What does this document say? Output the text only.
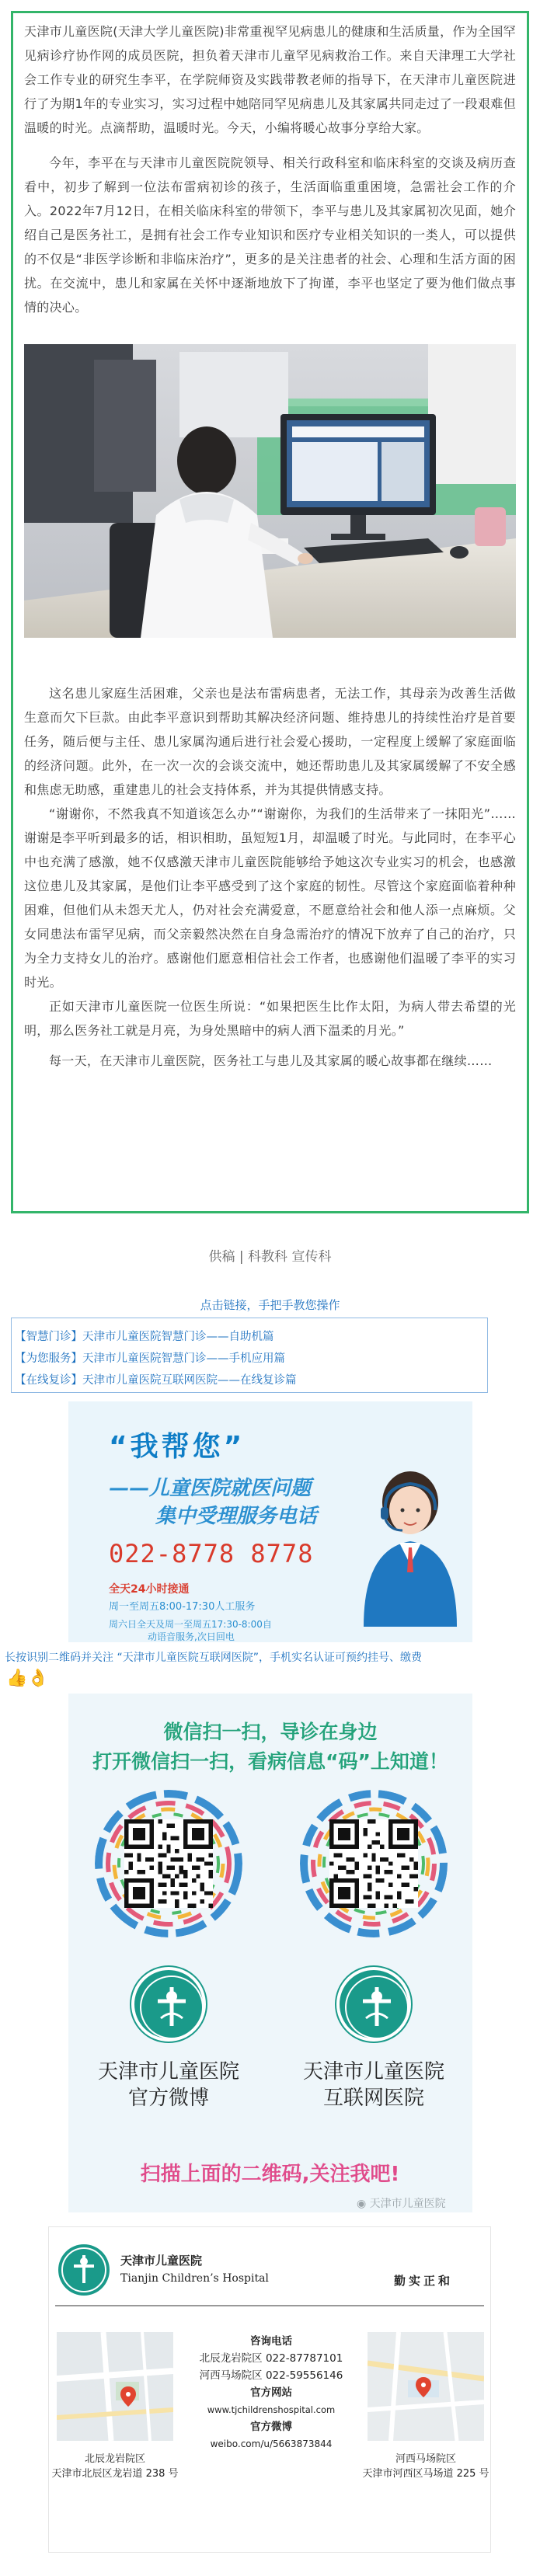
天津市儿童医院(天津大学儿童医院)非常重视罕见病患儿的健康和生活质量，作为全国罕见病诊疗协作网的成员医院，担负着天津市儿童罕见病救治工作。来自天津理工大学社会工作专业的研究生李平，在学院师资及实践带教老师的指导下，在天津市儿童医院进行了为期1年的专业实习，实习过程中她陪同罕见病患儿及其家属共同走过了一段艰难但温暖的时光。点滴帮助，温暖时光。今天，小编将暖心故事分享给大家。

今年，李平在与天津市儿童医院院领导、相关行政科室和临床科室的交谈及病历查看中，初步了解到一位法布雷病初诊的孩子，生活面临重重困境，急需社会工作的介入。2022年7月12日，在相关临床科室的带领下，李平与患儿及其家属初次见面，她介绍自己是医务社工，是拥有社会工作专业知识和医疗专业相关知识的一类人，可以提供的不仅是“非医学诊断和非临床治疗”，更多的是关注患者的社会、心理和生活方面的困扰。在交流中，患儿和家属在关怀中逐渐地放下了拘谨，李平也坚定了要为他们做点事情的决心。

这名患儿家庭生活困难，父亲也是法布雷病患者，无法工作，其母亲为改善生活做生意而欠下巨款。由此李平意识到帮助其解决经济问题、维持患儿的持续性治疗是首要任务，随后便与主任、患儿家属沟通后进行社会爱心援助，一定程度上缓解了家庭面临的经济问题。此外，在一次一次的会谈交流中，她还帮助患儿及其家属缓解了不安全感和焦虑无助感，重建患儿的社会支持体系，并为其提供情感支持。

“谢谢你，不然我真不知道该怎么办”“谢谢你，为我们的生活带来了一抹阳光”……谢谢是李平听到最多的话，相识相助，虽短短1月，却温暖了时光。与此同时，在李平心中也充满了感激，她不仅感激天津市儿童医院能够给予她这次专业实习的机会，也感激这位患儿及其家属，是他们让李平感受到了这个家庭的韧性。尽管这个家庭面临着种种困难，但他们从未怨天尤人，仍对社会充满爱意，不愿意给社会和他人添一点麻烦。父女同患法布雷罕见病，而父亲毅然决然在自身急需治疗的情况下放弃了自己的治疗，只为全力支持女儿的治疗。感谢他们愿意相信社会工作者，也感谢他们温暖了李平的实习时光。

正如天津市儿童医院一位医生所说：“如果把医生比作太阳，为病人带去希望的光明，那么医务社工就是月亮，为身处黑暗中的病人洒下温柔的月光。”

每一天，在天津市儿童医院，医务社工与患儿及其家属的暖心故事都在继续……

供稿 | 科教科 宣传科
点击链接，手把手教您操作
【智慧门诊】天津市儿童医院智慧门诊——自助机篇
【为您服务】天津市儿童医院智慧门诊——手机应用篇
【在线复诊】天津市儿童医院互联网医院——在线复诊篇
“我帮您”
——儿童医院就医问题
集中受理服务电话
022-8778 8778
全天24小时接通
周一至周五8:00-17:30人工服务
周六日全天及周一至周五17:30-8:00自
动语音服务,次日回电
长按识别二维码并关注 “天津市儿童医院互联网医院”，手机实名认证可预约挂号、缴费
👍👌
微信扫一扫，导诊在身边
打开微信扫一扫，看病信息“码”上知道！
天津市儿童医院
官方微博
天津市儿童医院
互联网医院
扫描上面的二维码,关注我吧!
◉ 天津市儿童医院
天津市儿童医院
Tianjin Children’s Hospital	勤实正和
北辰龙岩院区
天津市北辰区龙岩道 238 号
咨询电话
北辰龙岩院区 022-87787101
河西马场院区 022-59556146
官方网站
www.tjchildrenshospital.com
官方微博
weibo.com/u/5663873844
河西马场院区
天津市河西区马场道 225 号
